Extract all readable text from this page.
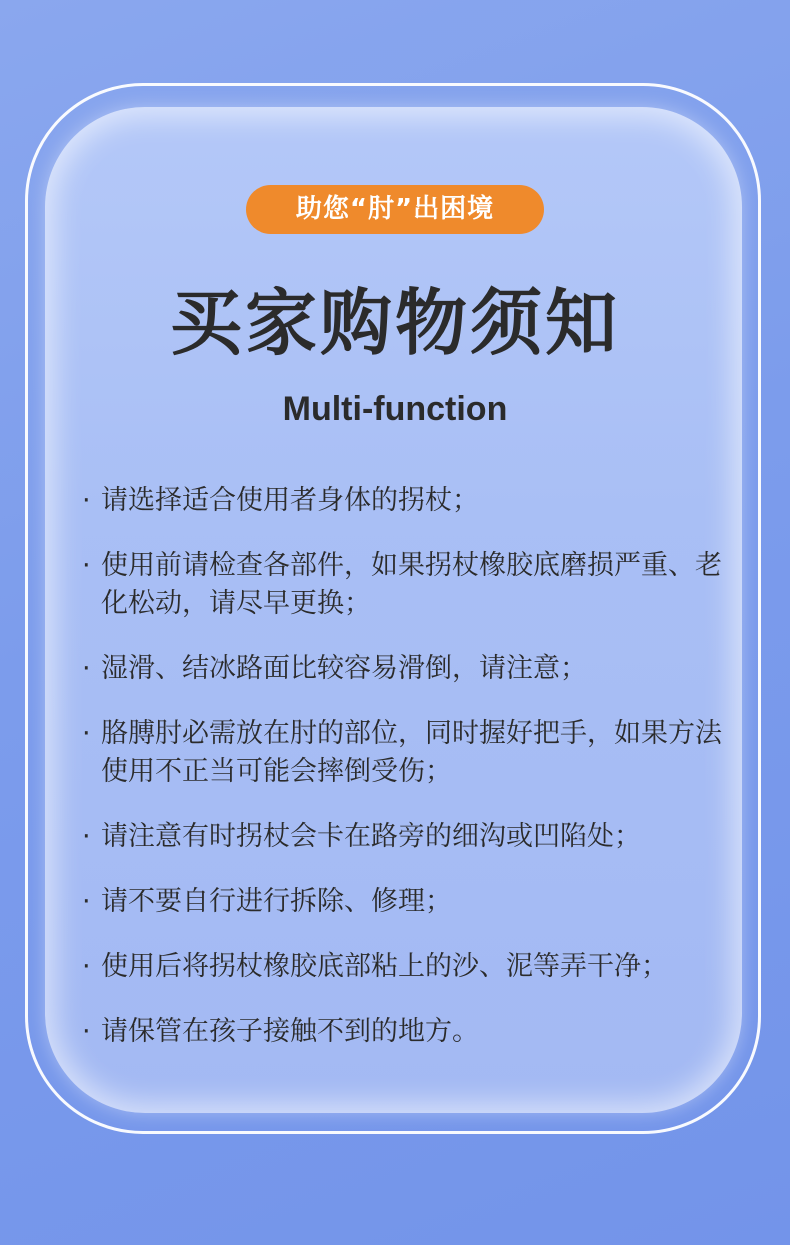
助您“肘”出困境
买家购物须知
Multi-function
· 请选择适合使用者身体的拐杖；
· 使用前请检查各部件，如果拐杖橡胶底磨损严重、老化松动，请尽早更换；
· 湿滑、结冰路面比较容易滑倒，请注意；
· 胳膊肘必需放在肘的部位，同时握好把手，如果方法使用不正当可能会摔倒受伤；
· 请注意有时拐杖会卡在路旁的细沟或凹陷处；
· 请不要自行进行拆除、修理；
· 使用后将拐杖橡胶底部粘上的沙、泥等弄干净；
· 请保管在孩子接触不到的地方。
